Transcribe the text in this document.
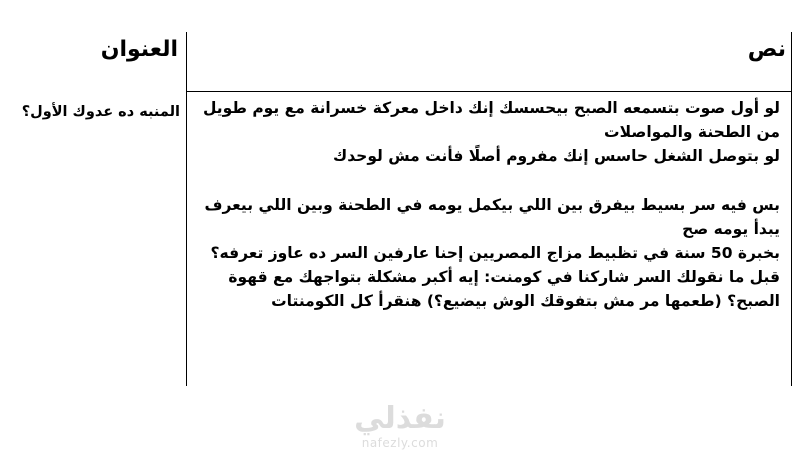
العنوان	نص
المنبه ده عدوك الأول؟ لو أول صوت بتسمعه الصبح بيحسسك إنك داخل معركة خسرانة مع يوم طويل من الطحنة والمواصلات

لو بتوصل الشغل حاسس إنك مفروم أصلًا فأنت مش لوحدك

بس فيه سر بسيط بيفرق بين اللي بيكمل يومه في الطحنة وبين اللي بيعرف يبدأ يومه صح

بخبرة 50 سنة في تظبيط مزاج المصريين إحنا عارفين السر ده عاوز تعرفه؟

قبل ما نقولك السر شاركنا في كومنت: إيه أكبر مشكلة بتواجهك مع قهوة الصبح؟ (طعمها مر مش بتفوقك الوش بيضيع؟) هنقرأ كل الكومنتات

نفذلي
nafezly.com
